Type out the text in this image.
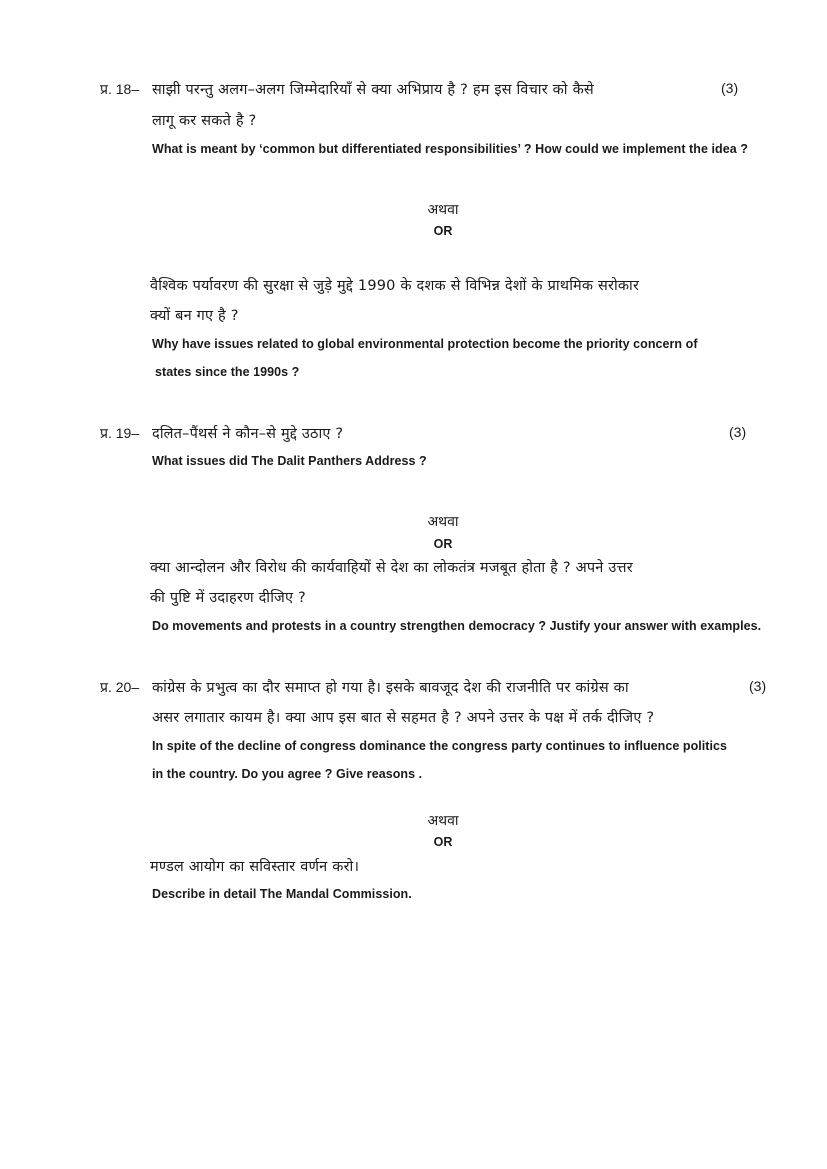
प्र. 18– साझी परन्तु अलग–अलग जिम्मेदारियाँ से क्या अभिप्राय है ? हम इस विचार को कैसे	(3)
लागू कर सकते है ?
What is meant by ‘common but differentiated responsibilities’ ? How could we implement the idea ?
अथवा
OR
वैश्विक पर्यावरण की सुरक्षा से जुड़े मुद्दे 1990 के दशक से विभिन्न देशों के प्राथमिक सरोकार
क्यों बन गए है ?
Why have issues related to global environmental protection become the priority concern of
states since the 1990s ?
प्र. 19– दलित–पैंथर्स ने कौन–से मुद्दे उठाए ?	(3)
What issues did The Dalit Panthers Address ?
अथवा
OR
क्या आन्दोलन और विरोध की कार्यवाहियों से देश का लोकतंत्र मजबूत होता है ? अपने उत्तर
की पुष्टि में उदाहरण दीजिए ?
Do movements and protests in a country strengthen democracy ? Justify your answer with examples.
प्र. 20– कांग्रेस के प्रभुत्व का दौर समाप्त हो गया है। इसके बावजूद देश की राजनीति पर कांग्रेस का	(3)
असर लगातार कायम है। क्या आप इस बात से सहमत है ? अपने उत्तर के पक्ष में तर्क दीजिए ?
In spite of the decline of congress dominance the congress party continues to influence politics
in the country. Do you agree ? Give reasons .
अथवा
OR
मण्डल आयोग का सविस्तार वर्णन करो।
Describe in detail The Mandal Commission.
